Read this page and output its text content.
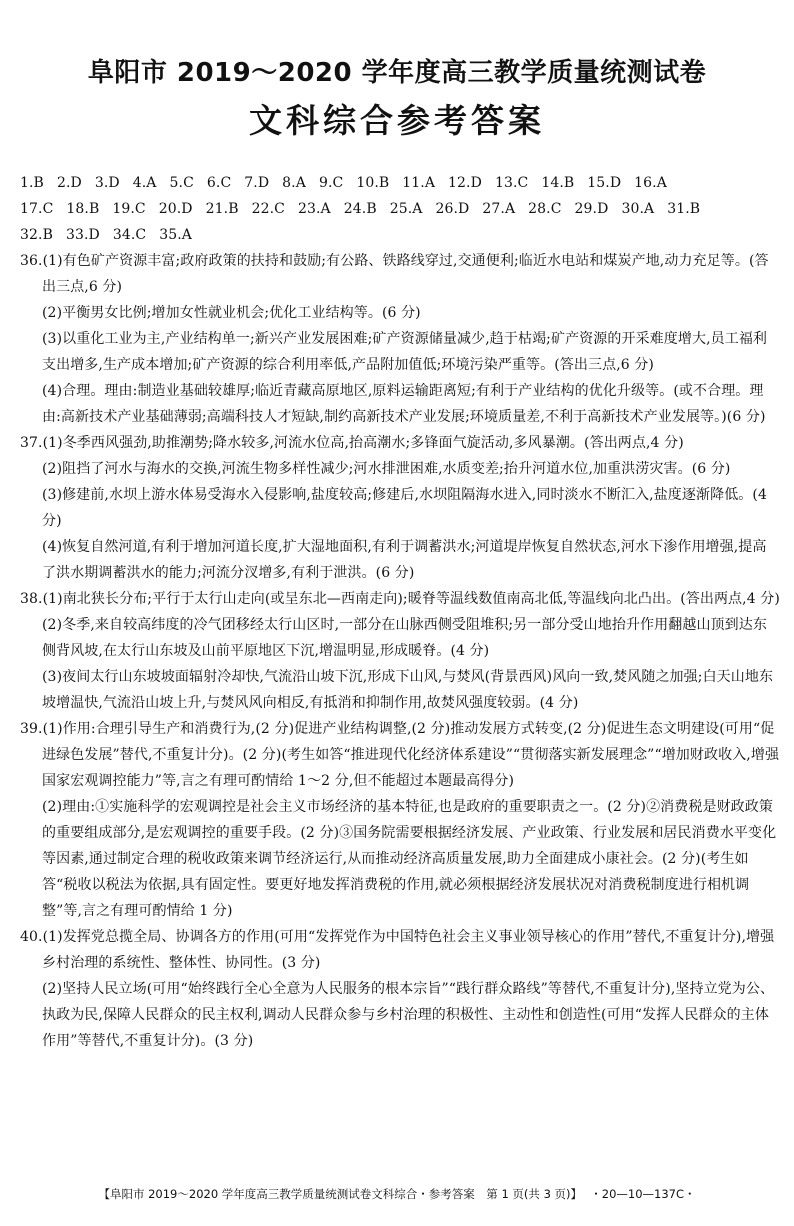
阜阳市 2019～2020 学年度高三教学质量统测试卷
文科综合参考答案
1.B 2.D 3.D 4.A 5.C 6.C 7.D 8.A 9.C 10.B 11.A 12.D 13.C 14.B 15.D 16.A
17.C 18.B 19.C 20.D 21.B 22.C 23.A 24.B 25.A 26.D 27.A 28.C 29.D 30.A 31.B
32.B 33.D 34.C 35.A

36.(1)有色矿产资源丰富;政府政策的扶持和鼓励;有公路、铁路线穿过,交通便利;临近水电站和煤炭产地,动力充足等。(答出三点,6 分)

(2)平衡男女比例;增加女性就业机会;优化工业结构等。(6 分)

(3)以重化工业为主,产业结构单一;新兴产业发展困难;矿产资源储量减少,趋于枯竭;矿产资源的开采难度增大,员工福利支出增多,生产成本增加;矿产资源的综合利用率低,产品附加值低;环境污染严重等。(答出三点,6 分)

(4)合理。理由:制造业基础较雄厚;临近青藏高原地区,原料运输距离短;有利于产业结构的优化升级等。(或不合理。理由:高新技术产业基础薄弱;高端科技人才短缺,制约高新技术产业发展;环境质量差,不利于高新技术产业发展等。)(6 分)

37.(1)冬季西风强劲,助推潮势;降水较多,河流水位高,抬高潮水;多锋面气旋活动,多风暴潮。(答出两点,4 分)

(2)阻挡了河水与海水的交换,河流生物多样性减少;河水排泄困难,水质变差;抬升河道水位,加重洪涝灾害。(6 分)

(3)修建前,水坝上游水体易受海水入侵影响,盐度较高;修建后,水坝阻隔海水进入,同时淡水不断汇入,盐度逐渐降低。(4 分)

(4)恢复自然河道,有利于增加河道长度,扩大湿地面积,有利于调蓄洪水;河道堤岸恢复自然状态,河水下渗作用增强,提高了洪水期调蓄洪水的能力;河流分汊增多,有利于泄洪。(6 分)

38.(1)南北狭长分布;平行于太行山走向(或呈东北—西南走向);暖脊等温线数值南高北低,等温线向北凸出。(答出两点,4 分)

(2)冬季,来自较高纬度的冷气团移经太行山区时,一部分在山脉西侧受阻堆积;另一部分受山地抬升作用翻越山顶到达东侧背风坡,在太行山东坡及山前平原地区下沉,增温明显,形成暖脊。(4 分)

(3)夜间太行山东坡坡面辐射冷却快,气流沿山坡下沉,形成下山风,与焚风(背景西风)风向一致,焚风随之加强;白天山地东坡增温快,气流沿山坡上升,与焚风风向相反,有抵消和抑制作用,故焚风强度较弱。(4 分)

39.(1)作用:合理引导生产和消费行为,(2 分)促进产业结构调整,(2 分)推动发展方式转变,(2 分)促进生态文明建设(可用“促进绿色发展”替代,不重复计分)。(2 分)(考生如答“推进现代化经济体系建设”“贯彻落实新发展理念”“增加财政收入,增强国家宏观调控能力”等,言之有理可酌情给 1～2 分,但不能超过本题最高得分)

(2)理由:①实施科学的宏观调控是社会主义市场经济的基本特征,也是政府的重要职责之一。(2 分)②消费税是财政政策的重要组成部分,是宏观调控的重要手段。(2 分)③国务院需要根据经济发展、产业政策、行业发展和居民消费水平变化等因素,通过制定合理的税收政策来调节经济运行,从而推动经济高质量发展,助力全面建成小康社会。(2 分)(考生如答“税收以税法为依据,具有固定性。要更好地发挥消费税的作用,就必须根据经济发展状况对消费税制度进行相机调整”等,言之有理可酌情给 1 分)

40.(1)发挥党总揽全局、协调各方的作用(可用“发挥党作为中国特色社会主义事业领导核心的作用”替代,不重复计分),增强乡村治理的系统性、整体性、协同性。(3 分)

(2)坚持人民立场(可用“始终践行全心全意为人民服务的根本宗旨”“践行群众路线”等替代,不重复计分),坚持立党为公、执政为民,保障人民群众的民主权利,调动人民群众参与乡村治理的积极性、主动性和创造性(可用“发挥人民群众的主体作用”等替代,不重复计分)。(3 分)

【阜阳市 2019～2020 学年度高三教学质量统测试卷文科综合・参考答案　第 1 页(共 3 页)】 ・20—10—137C・
